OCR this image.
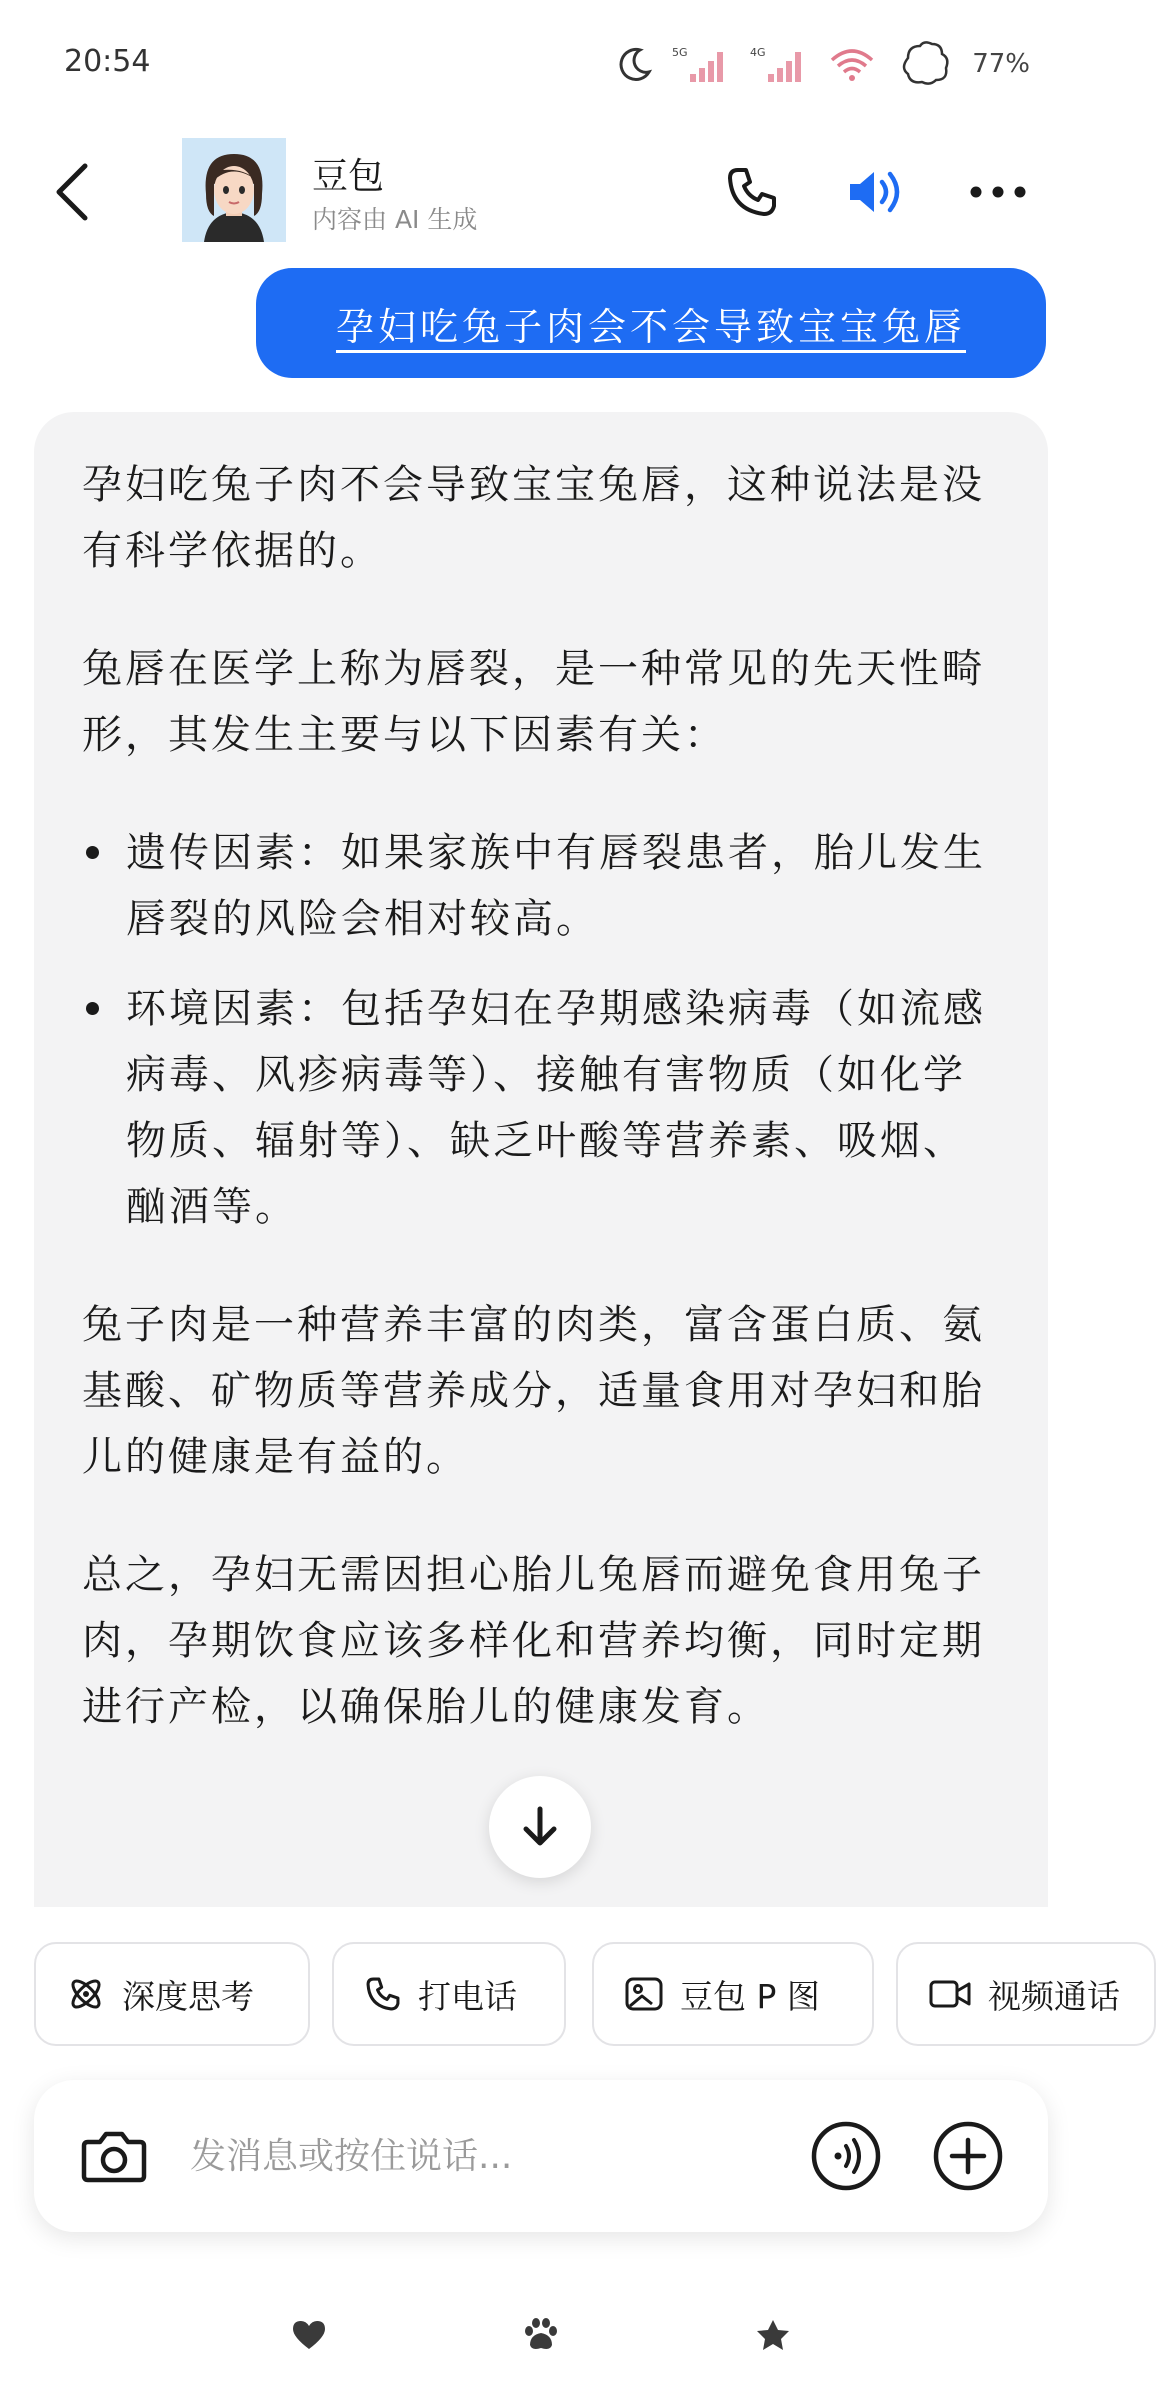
20:54	5G	4G	77%
豆包
内容由 AI 生成
孕妇吃兔子肉会不会导致宝宝兔唇

孕妇吃兔子肉不会导致宝宝兔唇，这种说法是没有科学依据的。

兔唇在医学上称为唇裂，是一种常见的先天性畸形，其发生主要与以下因素有关：

遗传因素：如果家族中有唇裂患者，胎儿发生唇裂的风险会相对较高。
环境因素：包括孕妇在孕期感染病毒（如流感病毒、风疹病毒等）、接触有害物质（如化学物质、辐射等）、缺乏叶酸等营养素、吸烟、酗酒等。

兔子肉是一种营养丰富的肉类，富含蛋白质、氨基酸、矿物质等营养成分，适量食用对孕妇和胎儿的健康是有益的。

总之，孕妇无需因担心胎儿兔唇而避免食用兔子肉，孕期饮食应该多样化和营养均衡，同时定期进行产检，以确保胎儿的健康发育。

深度思考	打电话	豆包 P 图	视频通话
发消息或按住说话...
